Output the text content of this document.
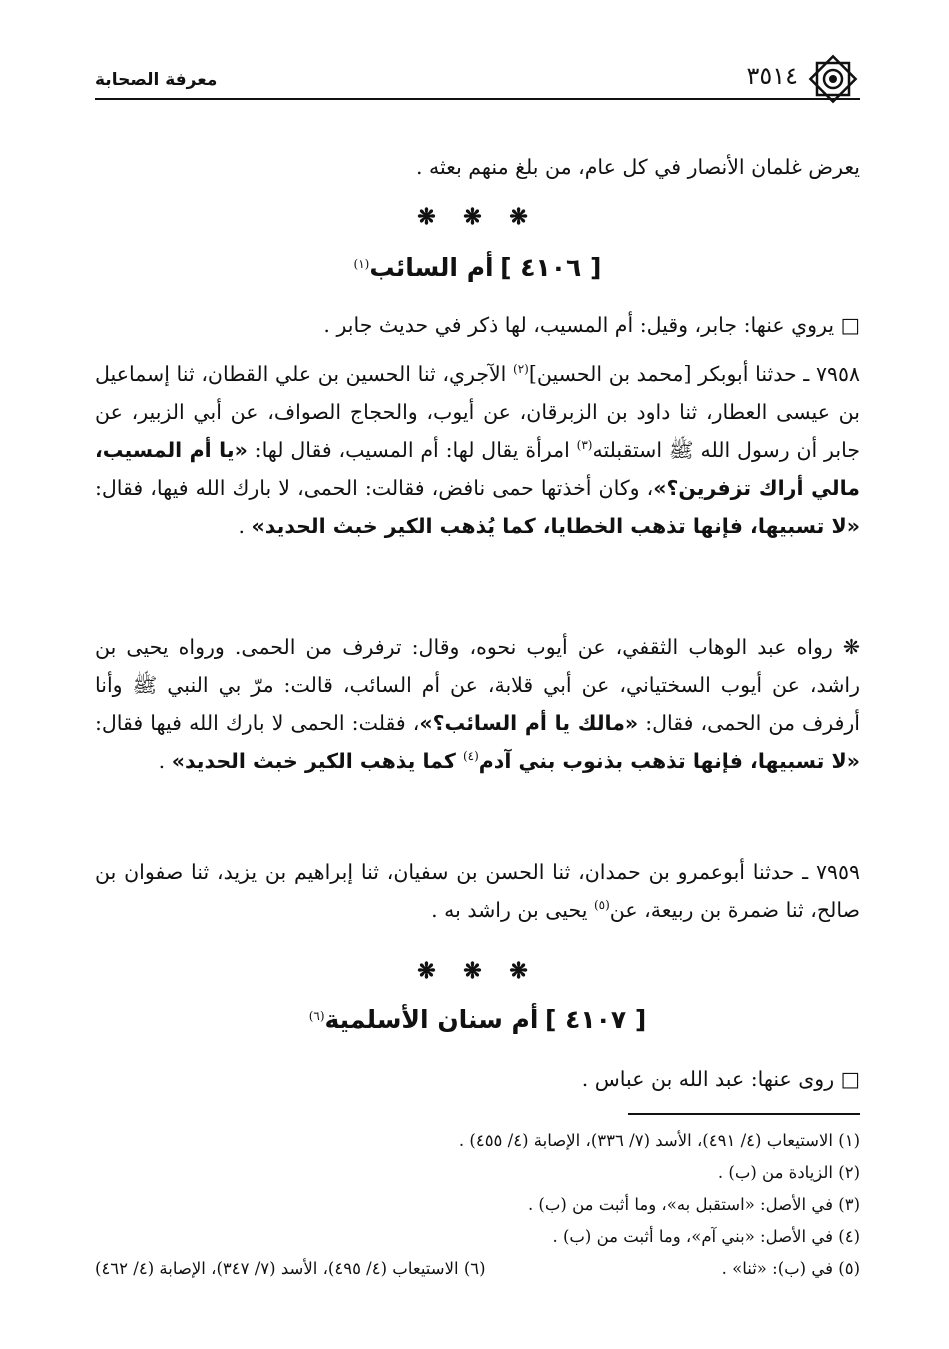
معرفة الصحابة	٣٥١٤
يعرض غلمان الأنصار في كل عام، من بلغ منهم بعثه .
❋ ❋ ❋
[ ٤١٠٦ ] أم السائب$^{(١)}$
□ يروي عنها: جابر، وقيل: أم المسيب، لها ذكر في حديث جابر .
٧٩٥٨ ـ حدثنا أبوبكر [محمد بن الحسين]$^{(٢)}$ الآجري، ثنا الحسين بن علي القطان، ثنا إسماعيل بن عيسى العطار، ثنا داود بن الزبرقان، عن أيوب، والحجاج الصواف، عن أبي الزبير، عن جابر أن رسول الله ﷺ استقبلته$^{(٣)}$ امرأة يقال لها: أم المسيب، فقال لها: «يا أم المسيب، مالي أراك تزفرين؟»، وكان أخذتها حمى نافض، فقالت: الحمى، لا بارك الله فيها، فقال: «لا تسبيها، فإنها تذهب الخطايا، كما يُذهب الكير خبث الحديد» .
❋ رواه عبد الوهاب الثقفي، عن أيوب نحوه، وقال: ترفرف من الحمى. ورواه يحيى بن راشد، عن أيوب السختياني، عن أبي قلابة، عن أم السائب، قالت: مرّ بي النبي ﷺ وأنا أرفرف من الحمى، فقال: «مالك يا أم السائب؟»، فقلت: الحمى لا بارك الله فيها فقال: «لا تسبيها، فإنها تذهب بذنوب بني آدم$^{(٤)}$ كما يذهب الكير خبث الحديد» .
٧٩٥٩ ـ حدثنا أبوعمرو بن حمدان، ثنا الحسن بن سفيان، ثنا إبراهيم بن يزيد، ثنا صفوان بن صالح، ثنا ضمرة بن ربيعة، عن$^{(٥)}$ يحيى بن راشد به .
❋ ❋ ❋
[ ٤١٠٧ ] أم سنان الأسلمية$^{(٦)}$
□ روى عنها: عبد الله بن عباس .
(١) الاستيعاب (٤/ ٤٩١)، الأسد (٧/ ٣٣٦)، الإصابة (٤/ ٤٥٥) .
(٢) الزيادة من (ب) .
(٣) في الأصل: «استقبل به»، وما أثبت من (ب) .
(٤) في الأصل: «بني آم»، وما أثبت من (ب) .
(٥) في (ب): «ثنا» .
(٦) الاستيعاب (٤/ ٤٩٥)، الأسد (٧/ ٣٤٧)، الإصابة (٤/ ٤٦٢)
